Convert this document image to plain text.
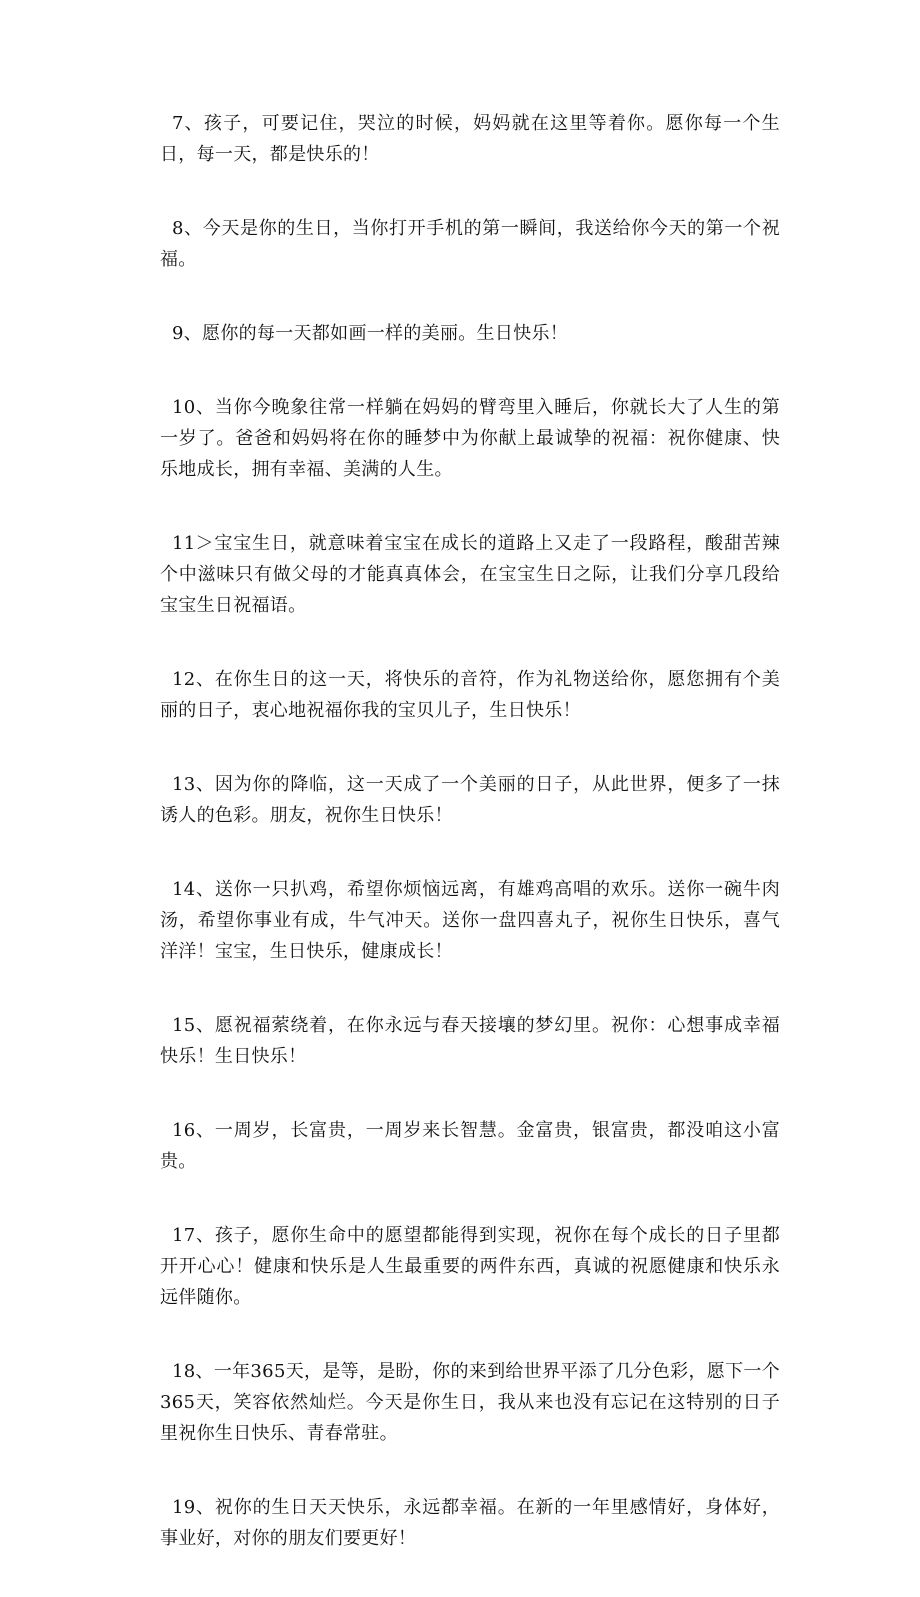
7、孩子，可要记住，哭泣的时候，妈妈就在这里等着你。愿你每一个生日，每一天，都是快乐的！

8、今天是你的生日，当你打开手机的第一瞬间，我送给你今天的第一个祝福。

9、愿你的每一天都如画一样的美丽。生日快乐！

10、当你今晚象往常一样躺在妈妈的臂弯里入睡后，你就长大了人生的第一岁了。爸爸和妈妈将在你的睡梦中为你献上最诚挚的祝福：祝你健康、快乐地成长，拥有幸福、美满的人生。

11＞宝宝生日，就意味着宝宝在成长的道路上又走了一段路程，酸甜苦辣个中滋味只有做父母的才能真真体会，在宝宝生日之际，让我们分享几段给宝宝生日祝福语。

12、在你生日的这一天，将快乐的音符，作为礼物送给你，愿您拥有个美丽的日子，衷心地祝福你我的宝贝儿子，生日快乐！

13、因为你的降临，这一天成了一个美丽的日子，从此世界，便多了一抹诱人的色彩。朋友，祝你生日快乐！

14、送你一只扒鸡，希望你烦恼远离，有雄鸡高唱的欢乐。送你一碗牛肉汤，希望你事业有成，牛气冲天。送你一盘四喜丸子，祝你生日快乐，喜气洋洋！宝宝，生日快乐，健康成长！

15、愿祝福萦绕着，在你永远与春天接壤的梦幻里。祝你：心想事成幸福快乐！生日快乐！

16、一周岁，长富贵，一周岁来长智慧。金富贵，银富贵，都没咱这小富贵。

17、孩子，愿你生命中的愿望都能得到实现，祝你在每个成长的日子里都开开心心！健康和快乐是人生最重要的两件东西，真诚的祝愿健康和快乐永远伴随你。

18、一年365天，是等，是盼，你的来到给世界平添了几分色彩，愿下一个365天，笑容依然灿烂。今天是你生日，我从来也没有忘记在这特别的日子里祝你生日快乐、青春常驻。

19、祝你的生日天天快乐，永远都幸福。在新的一年里感情好，身体好，事业好，对你的朋友们要更好！
